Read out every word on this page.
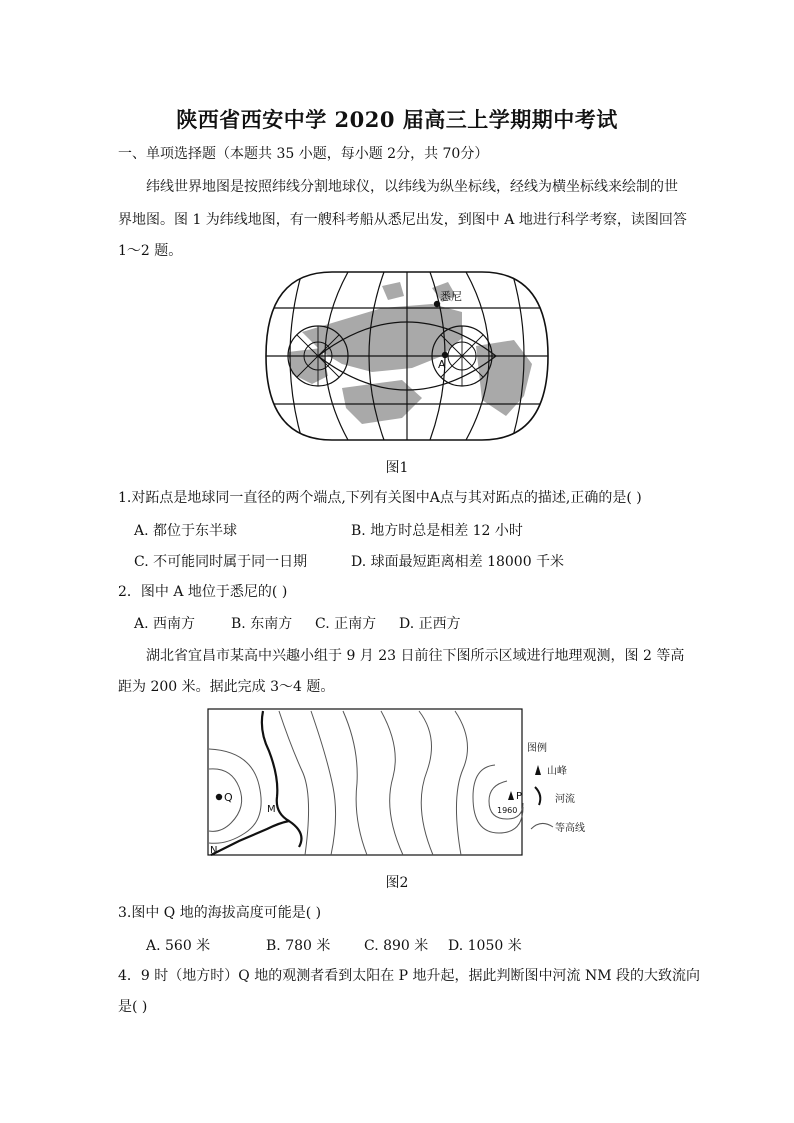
陕西省西安中学 2020 届高三上学期期中考试
一、单项选择题（本题共 35 小题，每小题 2分，共 70分）
纬线世界地图是按照纬线分割地球仪，以纬线为纵坐标线，经线为横坐标线来绘制的世
界地图。图 1 为纬线地图，有一艘科考船从悉尼出发，到图中 A 地进行科学考察，读图回答
1～2 题。
悉尼
A
图1
1.对跖点是地球同一直径的两个端点,下列有关图中A点与其对跖点的描述,正确的是( )
A. 都位于东半球	B. 地方时总是相差 12 小时
C. 不可能同时属于同一日期	D. 球面最短距离相差 18000 千米
2．图中 A 地位于悉尼的( )
A. 西南方	B. 东南方 C. 正南方 D. 正西方
湖北省宜昌市某高中兴趣小组于 9 月 23 日前往下图所示区域进行地理观测，图 2 等高
距为 200 米。据此完成 3～4 题。
Q
M
N
P
1960
图例
山峰
河流
等高线
图2
3.图中 Q 地的海拔高度可能是( )
A. 560 米	B. 780 米 C. 890 米 D. 1050 米
4．9 时（地方时）Q 地的观测者看到太阳在 P 地升起，据此判断图中河流 NM 段的大致流向
是( )
